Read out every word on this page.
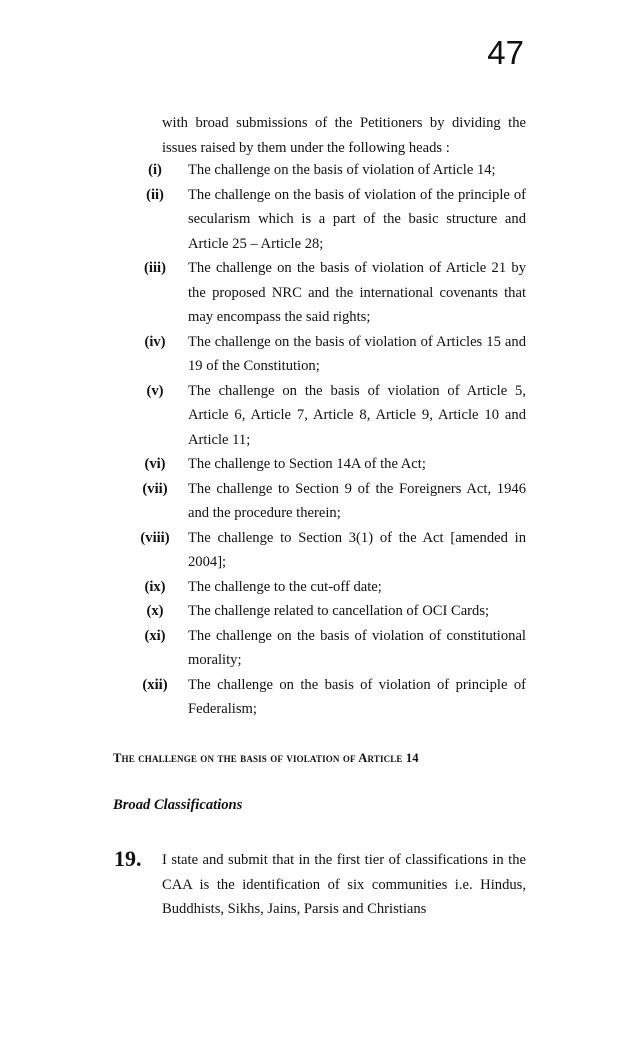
47
with broad submissions of the Petitioners by dividing the issues raised by them under the following heads :
(i)	The challenge on the basis of violation of Article 14;
(ii)	The challenge on the basis of violation of the principle of secularism which is a part of the basic structure and Article 25 – Article 28;
(iii)	The challenge on the basis of violation of Article 21 by the proposed NRC and the international covenants that may encompass the said rights;
(iv)	The challenge on the basis of violation of Articles 15 and 19 of the Constitution;
(v)	The challenge on the basis of violation of Article 5, Article 6, Article 7, Article 8, Article 9, Article 10 and Article 11;
(vi)	The challenge to Section 14A of the Act;
(vii)	The challenge to Section 9 of the Foreigners Act, 1946 and the procedure therein;
(viii)	The challenge to Section 3(1) of the Act [amended in 2004];
(ix)	The challenge to the cut-off date;
(x)	The challenge related to cancellation of OCI Cards;
(xi)	The challenge on the basis of violation of constitutional morality;
(xii)	The challenge on the basis of violation of principle of Federalism;
The challenge on the basis of violation of Article 14
Broad Classifications
19. I state and submit that in the first tier of classifications in the CAA is the identification of six communities i.e. Hindus, Buddhists, Sikhs, Jains, Parsis and Christians
